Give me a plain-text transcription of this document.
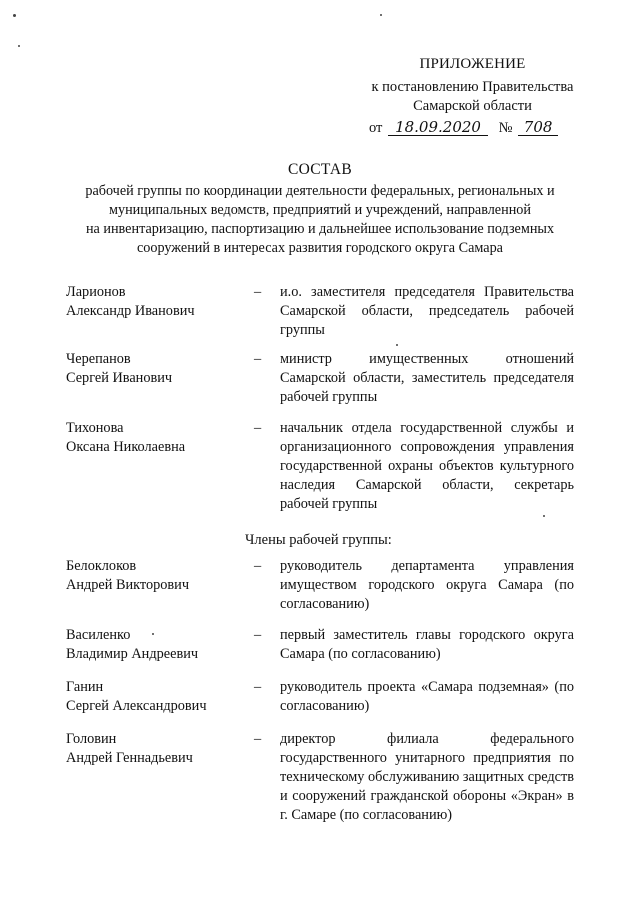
ПРИЛОЖЕНИЕ
к постановлению Правительства
Самарской области
от 18.09.2020 № 708
СОСТАВ
рабочей группы по координации деятельности федеральных, региональных и
муниципальных ведомств, предприятий и учреждений, направленной
на инвентаризацию, паспортизацию и дальнейшее использование подземных
сооружений в интересах развития городского округа Самара
Ларионов
Александр Иванович
– и.о. заместителя председателя Правительства Самарской области, председатель рабочей группы
Черепанов
Сергей Иванович
– министр имущественных отношений Самарской области, заместитель председателя рабочей группы
Тихонова
Оксана Николаевна
– начальник отдела государственной службы и организационного сопровождения управления государственной охраны объектов культурного наследия Самарской области, секретарь рабочей группы
Члены рабочей группы:
Белоклоков
Андрей Викторович
– руководитель департамента управления имуществом городского округа Самара (по согласованию)
Василенко
Владимир Андреевич
– первый заместитель главы городского округа Самара (по согласованию)
Ганин
Сергей Александрович
– руководитель проекта «Самара подземная» (по согласованию)
Головин
Андрей Геннадьевич
– директор филиала федерального государственного унитарного предприятия по техническому обслуживанию защитных средств и сооружений гражданской обороны «Экран» в г. Самаре (по согласованию)
